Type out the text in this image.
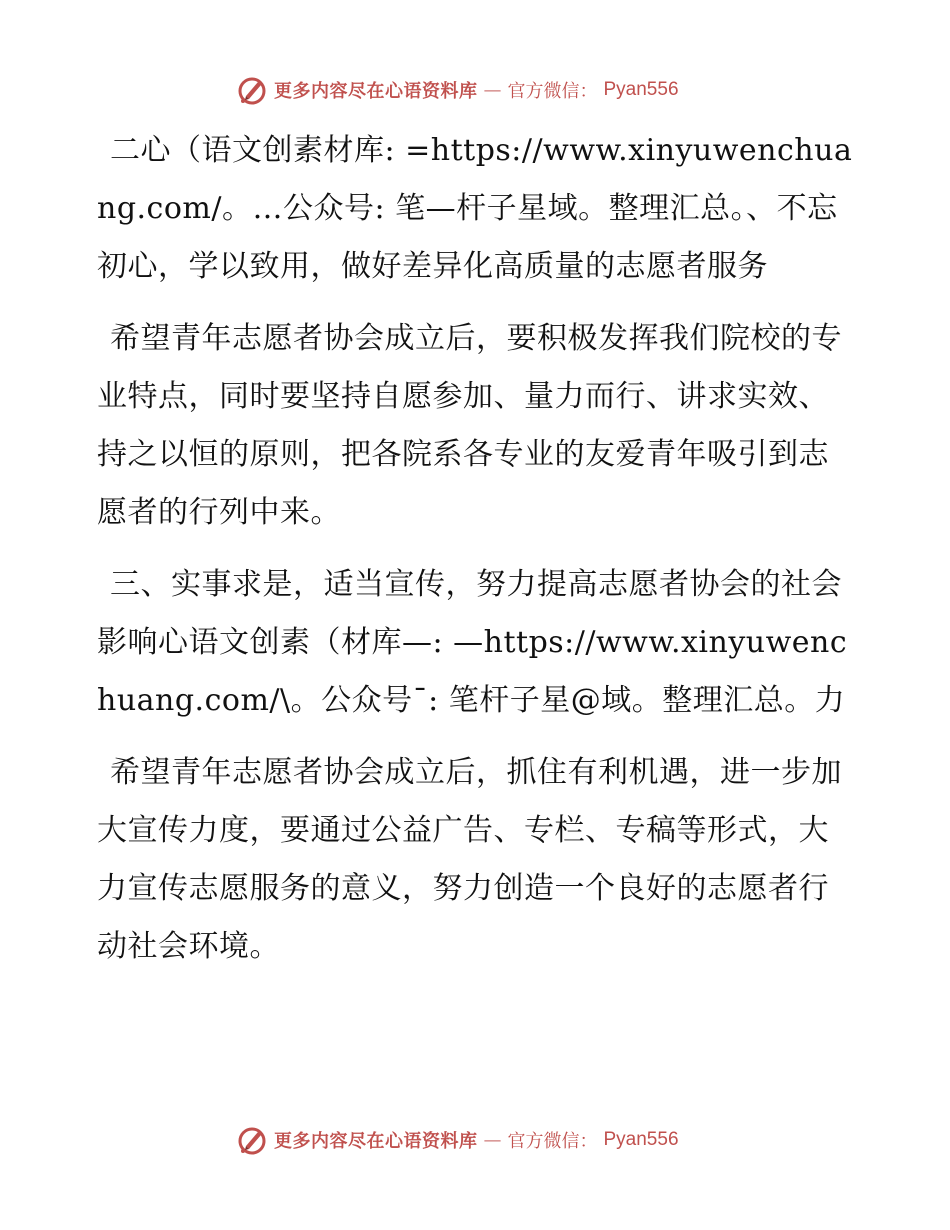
更多内容尽在心语资料库 — 官方微信： Pyan556

二心（语文创素材库: =https://www.xinyuwenchuang.com/。…公众号: 笔—杆子星域。整理汇总。、不忘初心，学以致用，做好差异化高质量的志愿者服务

希望青年志愿者协会成立后，要积极发挥我们院校的专业特点，同时要坚持自愿参加、量力而行、讲求实效、持之以恒的原则，把各院系各专业的友爱青年吸引到志愿者的行列中来。

三、实事求是，适当宣传，努力提高志愿者协会的社会影响心语文创素（材库—: —https://www.xinyuwenchuang.com/\。公众号¯: 笔杆子星@域。整理汇总。力

希望青年志愿者协会成立后，抓住有利机遇，进一步加大宣传力度，要通过公益广告、专栏、专稿等形式，大力宣传志愿服务的意义，努力创造一个良好的志愿者行动社会环境。

更多内容尽在心语资料库 — 官方微信： Pyan556
